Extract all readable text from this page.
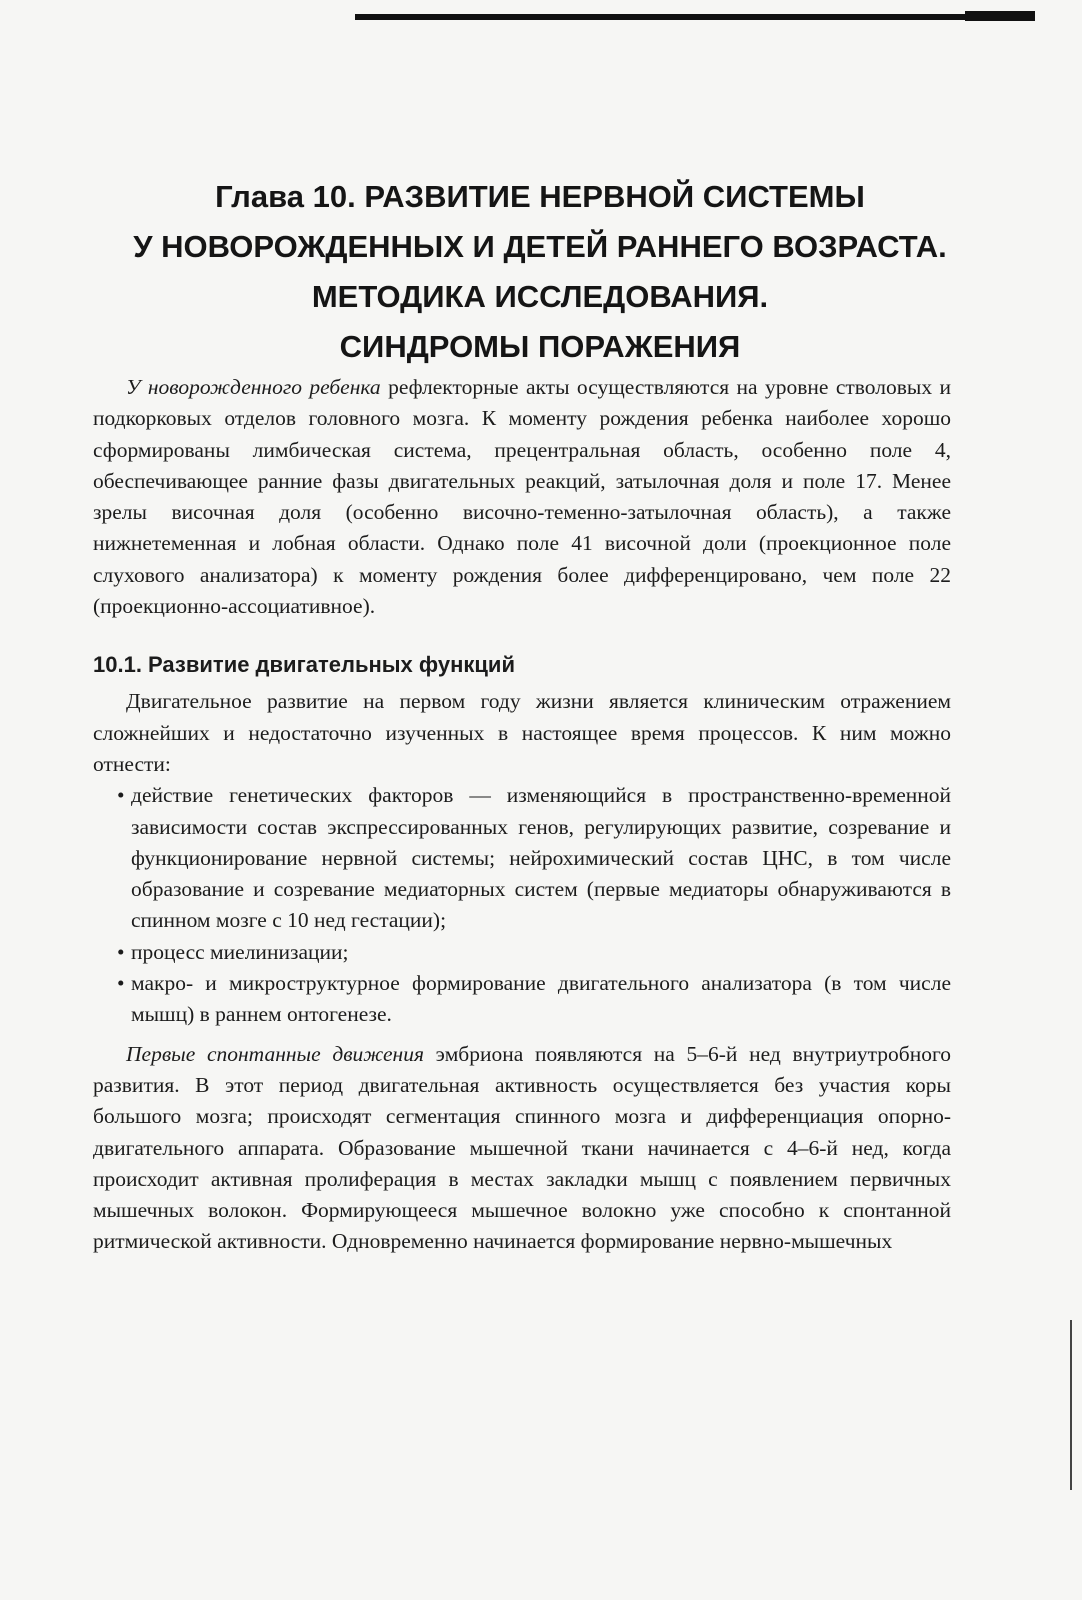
Глава 10. РАЗВИТИЕ НЕРВНОЙ СИСТЕМЫ
У НОВОРОЖДЕННЫХ И ДЕТЕЙ РАННЕГО ВОЗРАСТА.
МЕТОДИКА ИССЛЕДОВАНИЯ.
СИНДРОМЫ ПОРАЖЕНИЯ

У новорожденного ребенка рефлекторные акты осуществляются на уровне стволовых и подкорковых отделов головного мозга. К моменту рождения ребенка наиболее хорошо сформированы лимбическая система, прецентральная область, особенно поле 4, обеспечивающее ранние фазы двигательных реакций, затылочная доля и поле 17. Менее зрелы височная доля (особенно височно-теменно-затылочная область), а также нижнетеменная и лобная области. Однако поле 41 височной доли (проекционное поле слухового анализатора) к моменту рождения более дифференцировано, чем поле 22 (проекционно-ассоциативное).

10.1. Развитие двигательных функций

Двигательное развитие на первом году жизни является клиническим отражением сложнейших и недостаточно изученных в настоящее время процессов. К ним можно отнести:

• действие генетических факторов — изменяющийся в пространственно-временной зависимости состав экспрессированных генов, регулирующих развитие, созревание и функционирование нервной системы; нейрохимический состав ЦНС, в том числе образование и созревание медиаторных систем (первые медиаторы обнаруживаются в спинном мозге с 10 нед гестации);
• процесс миелинизации;
• макро- и микроструктурное формирование двигательного анализатора (в том числе мышц) в раннем онтогенезе.

Первые спонтанные движения эмбриона появляются на 5–6-й нед внутриутробного развития. В этот период двигательная активность осуществляется без участия коры большого мозга; происходят сегментация спинного мозга и дифференциация опорно-двигательного аппарата. Образование мышечной ткани начинается с 4–6-й нед, когда происходит активная пролиферация в местах закладки мышц с появлением первичных мышечных волокон. Формирующееся мышечное волокно уже способно к спонтанной ритмической активности. Одновременно начинается формирование нервно-мышечных
